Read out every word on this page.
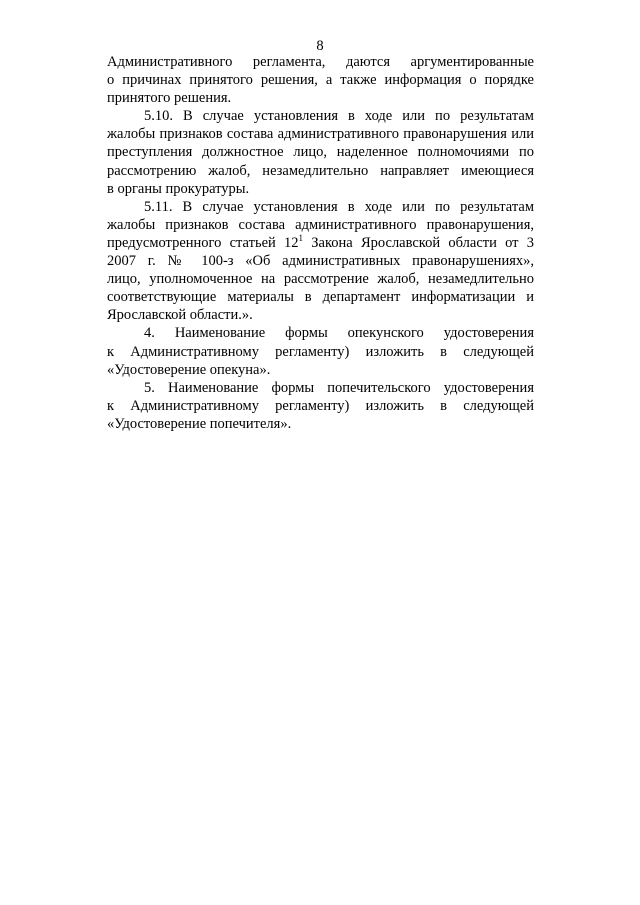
8
Административного регламента, даются аргументированные
о причинах принятого решения, а также информация о порядке
принятого решения.
5.10. В случае установления в ходе или по результатам
жалобы признаков состава административного правонарушения или
преступления должностное лицо, наделенное полномочиями по
рассмотрению жалоб, незамедлительно направляет имеющиеся
в органы прокуратуры.
5.11. В случае установления в ходе или по результатам
жалобы признаков состава административного правонарушения,
предусмотренного статьей $12^1$ Закона Ярославской области от 3
2007 г. № 100-з «Об административных правонарушениях»,
лицо, уполномоченное на рассмотрение жалоб, незамедлительно
соответствующие материалы в департамент информатизации и
Ярославской области.».
4. Наименование формы опекунского удостоверения
к Административному регламенту) изложить в следующей
«Удостоверение опекуна».
5. Наименование формы попечительского удостоверения
к Административному регламенту) изложить в следующей
«Удостоверение попечителя».
